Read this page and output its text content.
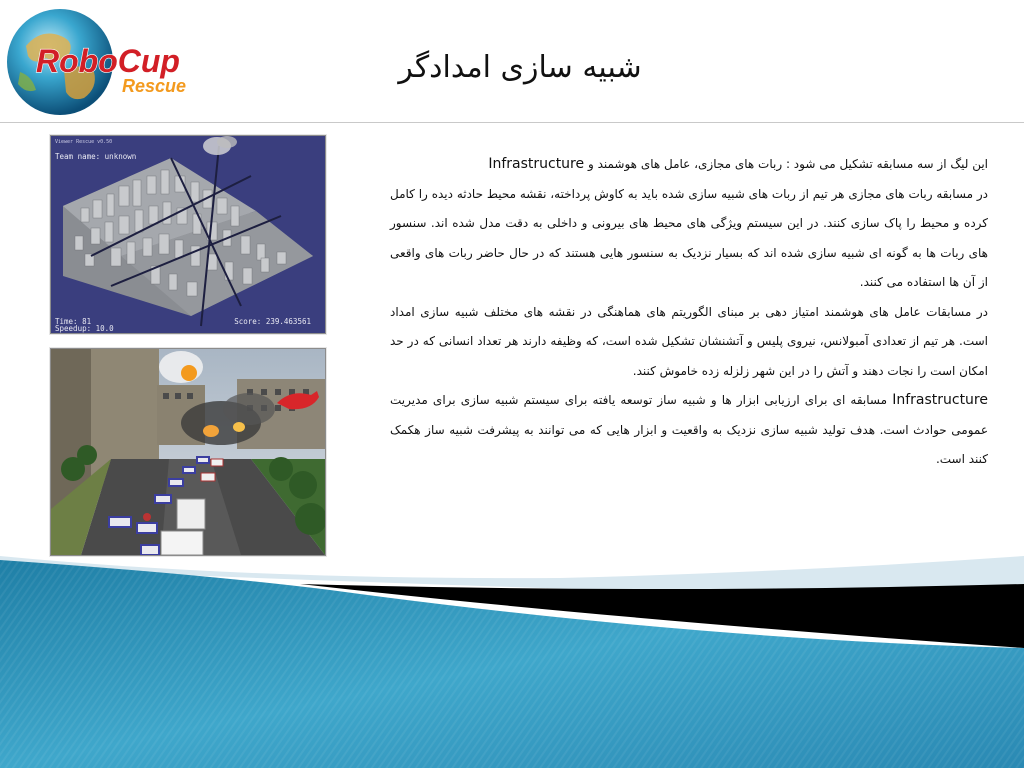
RoboCup
Rescue
شبیه سازی امدادگر
Viewer Rescue v0.50
Team name: unknown
Time: 81
Speedup: 10.0
Score: 239.463561

این لیگ از سه مسابقه تشکیل می شود : ربات های مجازی، عامل های هوشمند و Infrastructure

در مسابقه ربات های مجازی هر تیم از ربات های شبیه سازی شده باید به کاوش پرداخته، نقشه محیط حادثه دیده را کامل کرده و محیط را پاک سازی کنند. در این سیستم ویژگی های محیط های بیرونی و داخلی به دقت مدل شده اند. سنسور های ربات ها به گونه ای شبیه سازی شده اند که بسیار نزدیک به سنسور هایی هستند که در حال حاضر ربات های واقعی از آن ها استفاده می کنند.

در مسابقات عامل های هوشمند امتیاز دهی بر مبنای الگوریتم های هماهنگی در نقشه های مختلف شبیه سازی امداد است. هر تیم از تعدادی آمبولانس، نیروی پلیس و آتشنشان تشکیل شده است، که وظیفه دارند هر تعداد انسانی که در حد امکان است را نجات دهند و آتش را در این شهر زلزله زده خاموش کنند.

Infrastructure مسابقه ای برای ارزیابی ابزار ها و شبیه ساز توسعه یافته برای سیستم شبیه سازی برای مدیریت عمومی حوادث است. هدف تولید شبیه سازی نزدیک به واقعیت و ابزار هایی که می توانند به پیشرفت شبیه ساز هکمک کنند است.
